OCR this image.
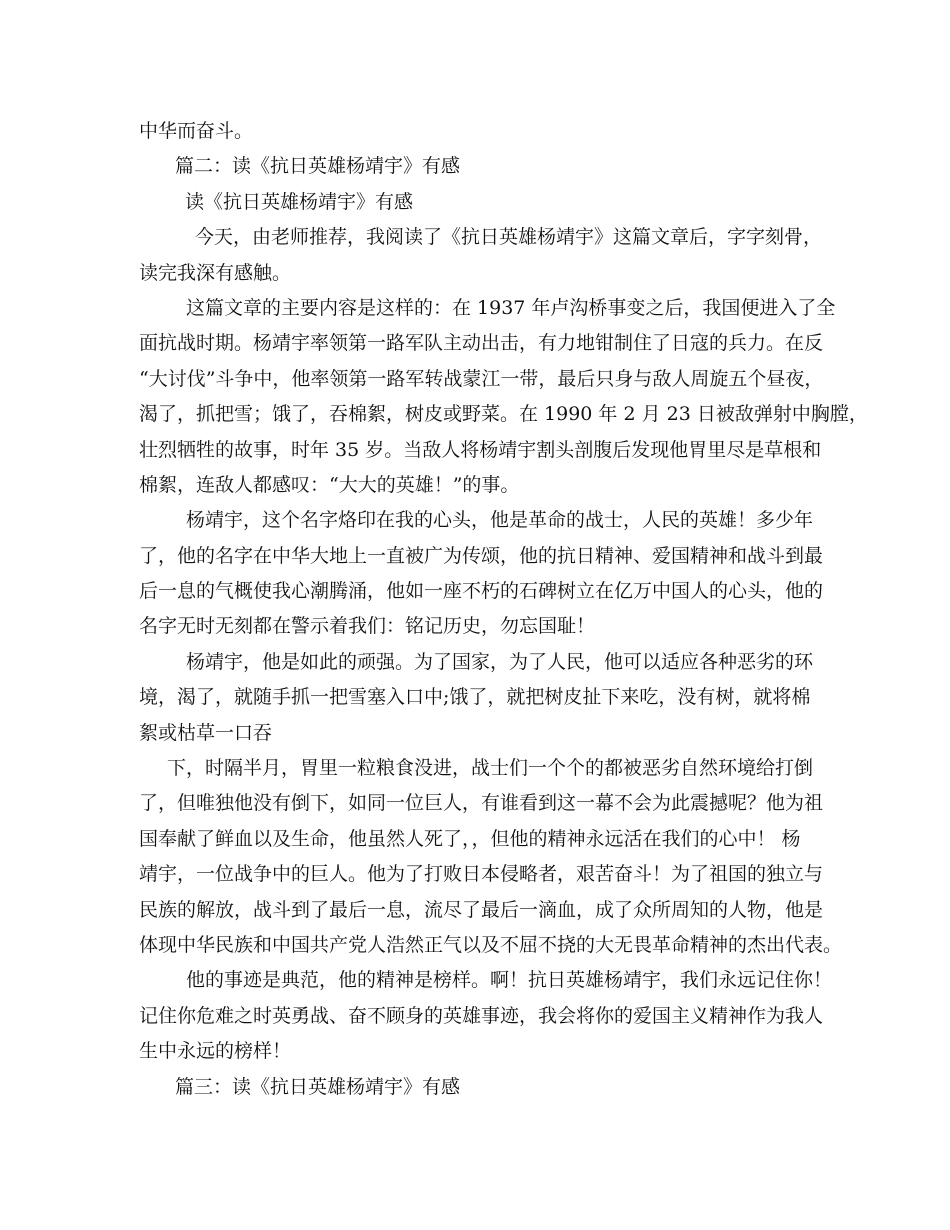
中华而奋斗。
篇二：读《抗日英雄杨靖宇》有感
读《抗日英雄杨靖宇》有感
今天，由老师推荐，我阅读了《抗日英雄杨靖宇》这篇文章后，字字刻骨，
读完我深有感触。
这篇文章的主要内容是这样的：在 1937 年卢沟桥事变之后，我国便进入了全
面抗战时期。杨靖宇率领第一路军队主动出击，有力地钳制住了日寇的兵力。在反
“大讨伐”斗争中，他率领第一路军转战蒙江一带，最后只身与敌人周旋五个昼夜，
渴了，抓把雪；饿了，吞棉絮，树皮或野菜。在 1990 年 2 月 23 日被敌弹射中胸膛，
壮烈牺牲的故事，时年 35 岁。当敌人将杨靖宇割头剖腹后发现他胃里尽是草根和
棉絮，连敌人都感叹：“大大的英雄！”的事。
杨靖宇，这个名字烙印在我的心头，他是革命的战士，人民的英雄！多少年
了，他的名字在中华大地上一直被广为传颂，他的抗日精神、爱国精神和战斗到最
后一息的气概使我心潮腾涌，他如一座不朽的石碑树立在亿万中国人的心头，他的
名字无时无刻都在警示着我们：铭记历史，勿忘国耻！
杨靖宇，他是如此的顽强。为了国家，为了人民，他可以适应各种恶劣的环
境，渴了，就随手抓一把雪塞入口中;饿了，就把树皮扯下来吃，没有树，就将棉
絮或枯草一口吞
下，时隔半月，胃里一粒粮食没进，战士们一个个的都被恶劣自然环境给打倒
了，但唯独他没有倒下，如同一位巨人，有谁看到这一幕不会为此震撼呢？他为祖
国奉献了鲜血以及生命，他虽然人死了，，但他的精神永远活在我们的心中！ 杨
靖宇，一位战争中的巨人。他为了打败日本侵略者，艰苦奋斗！为了祖国的独立与
民族的解放，战斗到了最后一息，流尽了最后一滴血，成了众所周知的人物，他是
体现中华民族和中国共产党人浩然正气以及不屈不挠的大无畏革命精神的杰出代表。
他的事迹是典范，他的精神是榜样。啊！抗日英雄杨靖宇，我们永远记住你！
记住你危难之时英勇战、奋不顾身的英雄事迹，我会将你的爱国主义精神作为我人
生中永远的榜样！
篇三：读《抗日英雄杨靖宇》有感
